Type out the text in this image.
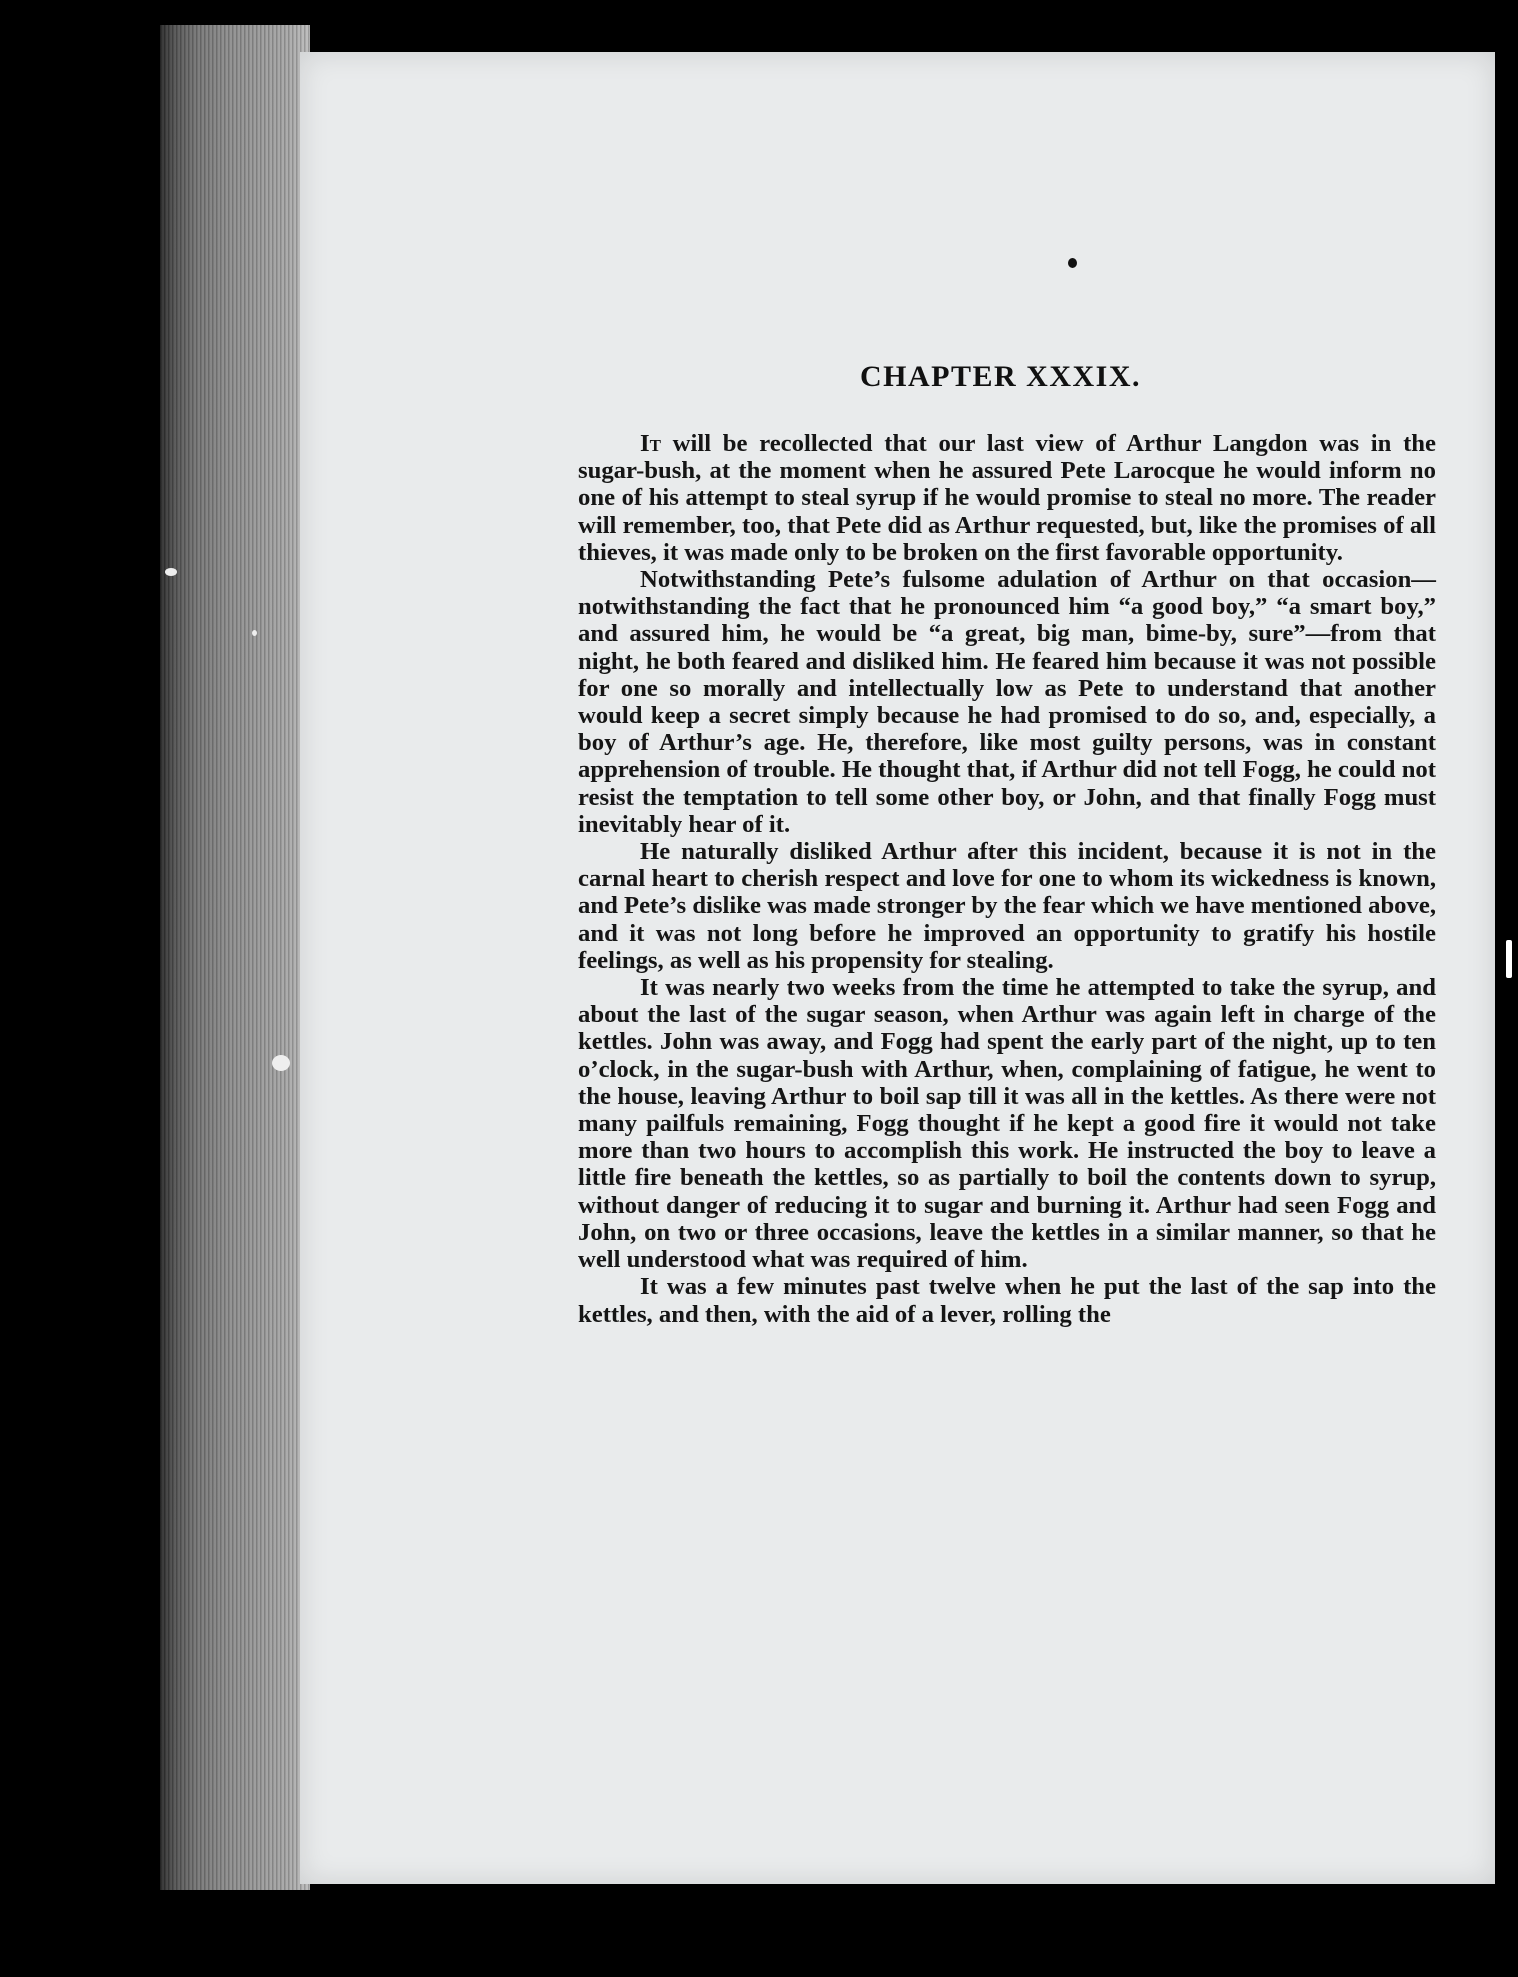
CHAPTER XXXIX.

It will be recollected that our last view of Arthur Langdon was in the sugar-bush, at the moment when he assured Pete Larocque he would inform no one of his attempt to steal syrup if he would promise to steal no more. The reader will remember, too, that Pete did as Arthur requested, but, like the promises of all thieves, it was made only to be broken on the first favorable opportunity.

Notwithstanding Pete’s fulsome adulation of Arthur on that occasion—notwithstanding the fact that he pronounced him “a good boy,” “a smart boy,” and assured him, he would be “a great, big man, bime-by, sure”—from that night, he both feared and disliked him. He feared him because it was not possible for one so morally and intellectually low as Pete to understand that another would keep a secret simply because he had promised to do so, and, especially, a boy of Arthur’s age. He, therefore, like most guilty persons, was in constant apprehension of trouble. He thought that, if Arthur did not tell Fogg, he could not resist the temptation to tell some other boy, or John, and that finally Fogg must inevitably hear of it.

He naturally disliked Arthur after this incident, because it is not in the carnal heart to cherish respect and love for one to whom its wickedness is known, and Pete’s dislike was made stronger by the fear which we have mentioned above, and it was not long before he improved an opportunity to gratify his hostile feelings, as well as his propensity for stealing.

It was nearly two weeks from the time he attempted to take the syrup, and about the last of the sugar season, when Arthur was again left in charge of the kettles. John was away, and Fogg had spent the early part of the night, up to ten o’clock, in the sugar-bush with Arthur, when, complaining of fatigue, he went to the house, leaving Arthur to boil sap till it was all in the kettles. As there were not many pailfuls remaining, Fogg thought if he kept a good fire it would not take more than two hours to accomplish this work. He instructed the boy to leave a little fire beneath the kettles, so as partially to boil the contents down to syrup, without danger of reducing it to sugar and burning it. Arthur had seen Fogg and John, on two or three occasions, leave the kettles in a similar manner, so that he well understood what was required of him.

It was a few minutes past twelve when he put the last of the sap into the kettles, and then, with the aid of a lever, rolling the
